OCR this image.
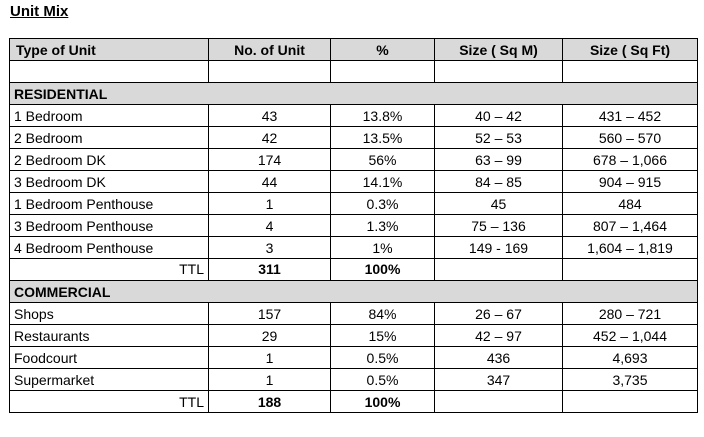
Unit Mix
Type of Unit	No. of Unit	%	Size ( Sq M)	Size ( Sq Ft)

RESIDENTIAL				
1 Bedroom	43	13.8%	40 – 42	431 – 452
2 Bedroom	42	13.5%	52 – 53	560 – 570
2 Bedroom DK	174	56%	63 – 99	678 – 1,066
3 Bedroom DK	44	14.1%	84 – 85	904 – 915
1 Bedroom Penthouse	1	0.3%	45	484
3 Bedroom Penthouse	4	1.3%	75 – 136	807 – 1,464
4 Bedroom Penthouse	3	1%	149 - 169	1,604 – 1,819
TTL	311	100%		

COMMERCIAL				
Shops	157	84%	26 – 67	280 – 721
Restaurants	29	15%	42 – 97	452 – 1,044
Foodcourt	1	0.5%	436	4,693
Supermarket	1	0.5%	347	3,735
TTL	188	100%		
